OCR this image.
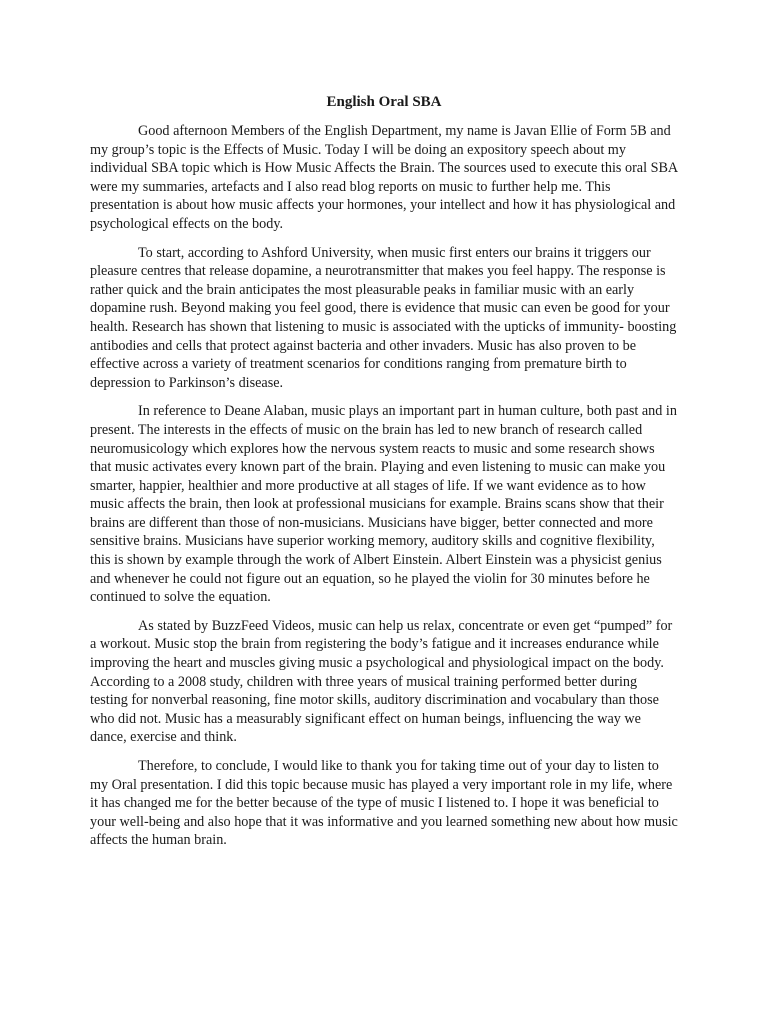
English Oral SBA

Good afternoon Members of the English Department, my name is Javan Ellie of Form 5B and my group’s topic is the Effects of Music. Today I will be doing an expository speech about my individual SBA topic which is How Music Affects the Brain. The sources used to execute this oral SBA were my summaries, artefacts and I also read blog reports on music to further help me. This presentation is about how music affects your hormones, your intellect and how it has physiological and psychological effects on the body.

To start, according to Ashford University, when music first enters our brains it triggers our pleasure centres that release dopamine, a neurotransmitter that makes you feel happy. The response is rather quick and the brain anticipates the most pleasurable peaks in familiar music with an early dopamine rush. Beyond making you feel good, there is evidence that music can even be good for your health. Research has shown that listening to music is associated with the upticks of immunity- boosting antibodies and cells that protect against bacteria and other invaders. Music has also proven to be effective across a variety of treatment scenarios for conditions ranging from premature birth to depression to Parkinson’s disease.

In reference to Deane Alaban, music plays an important part in human culture, both past and in present. The interests in the effects of music on the brain has led to new branch of research called neuromusicology which explores how the nervous system reacts to music and some research shows that music activates every known part of the brain. Playing and even listening to music can make you smarter, happier, healthier and more productive at all stages of life. If we want evidence as to how music affects the brain, then look at professional musicians for example. Brains scans show that their brains are different than those of non-musicians. Musicians have bigger, better connected and more sensitive brains. Musicians have superior working memory, auditory skills and cognitive flexibility, this is shown by example through the work of Albert Einstein. Albert Einstein was a physicist genius and whenever he could not figure out an equation, so he played the violin for 30 minutes before he continued to solve the equation.

As stated by BuzzFeed Videos, music can help us relax, concentrate or even get “pumped” for a workout. Music stop the brain from registering the body’s fatigue and it increases endurance while improving the heart and muscles giving music a psychological and physiological impact on the body. According to a 2008 study, children with three years of musical training performed better during testing for nonverbal reasoning, fine motor skills, auditory discrimination and vocabulary than those who did not. Music has a measurably significant effect on human beings, influencing the way we dance, exercise and think.

Therefore, to conclude, I would like to thank you for taking time out of your day to listen to my Oral presentation. I did this topic because music has played a very important role in my life, where it has changed me for the better because of the type of music I listened to. I hope it was beneficial to your well-being and also hope that it was informative and you learned something new about how music affects the human brain.
